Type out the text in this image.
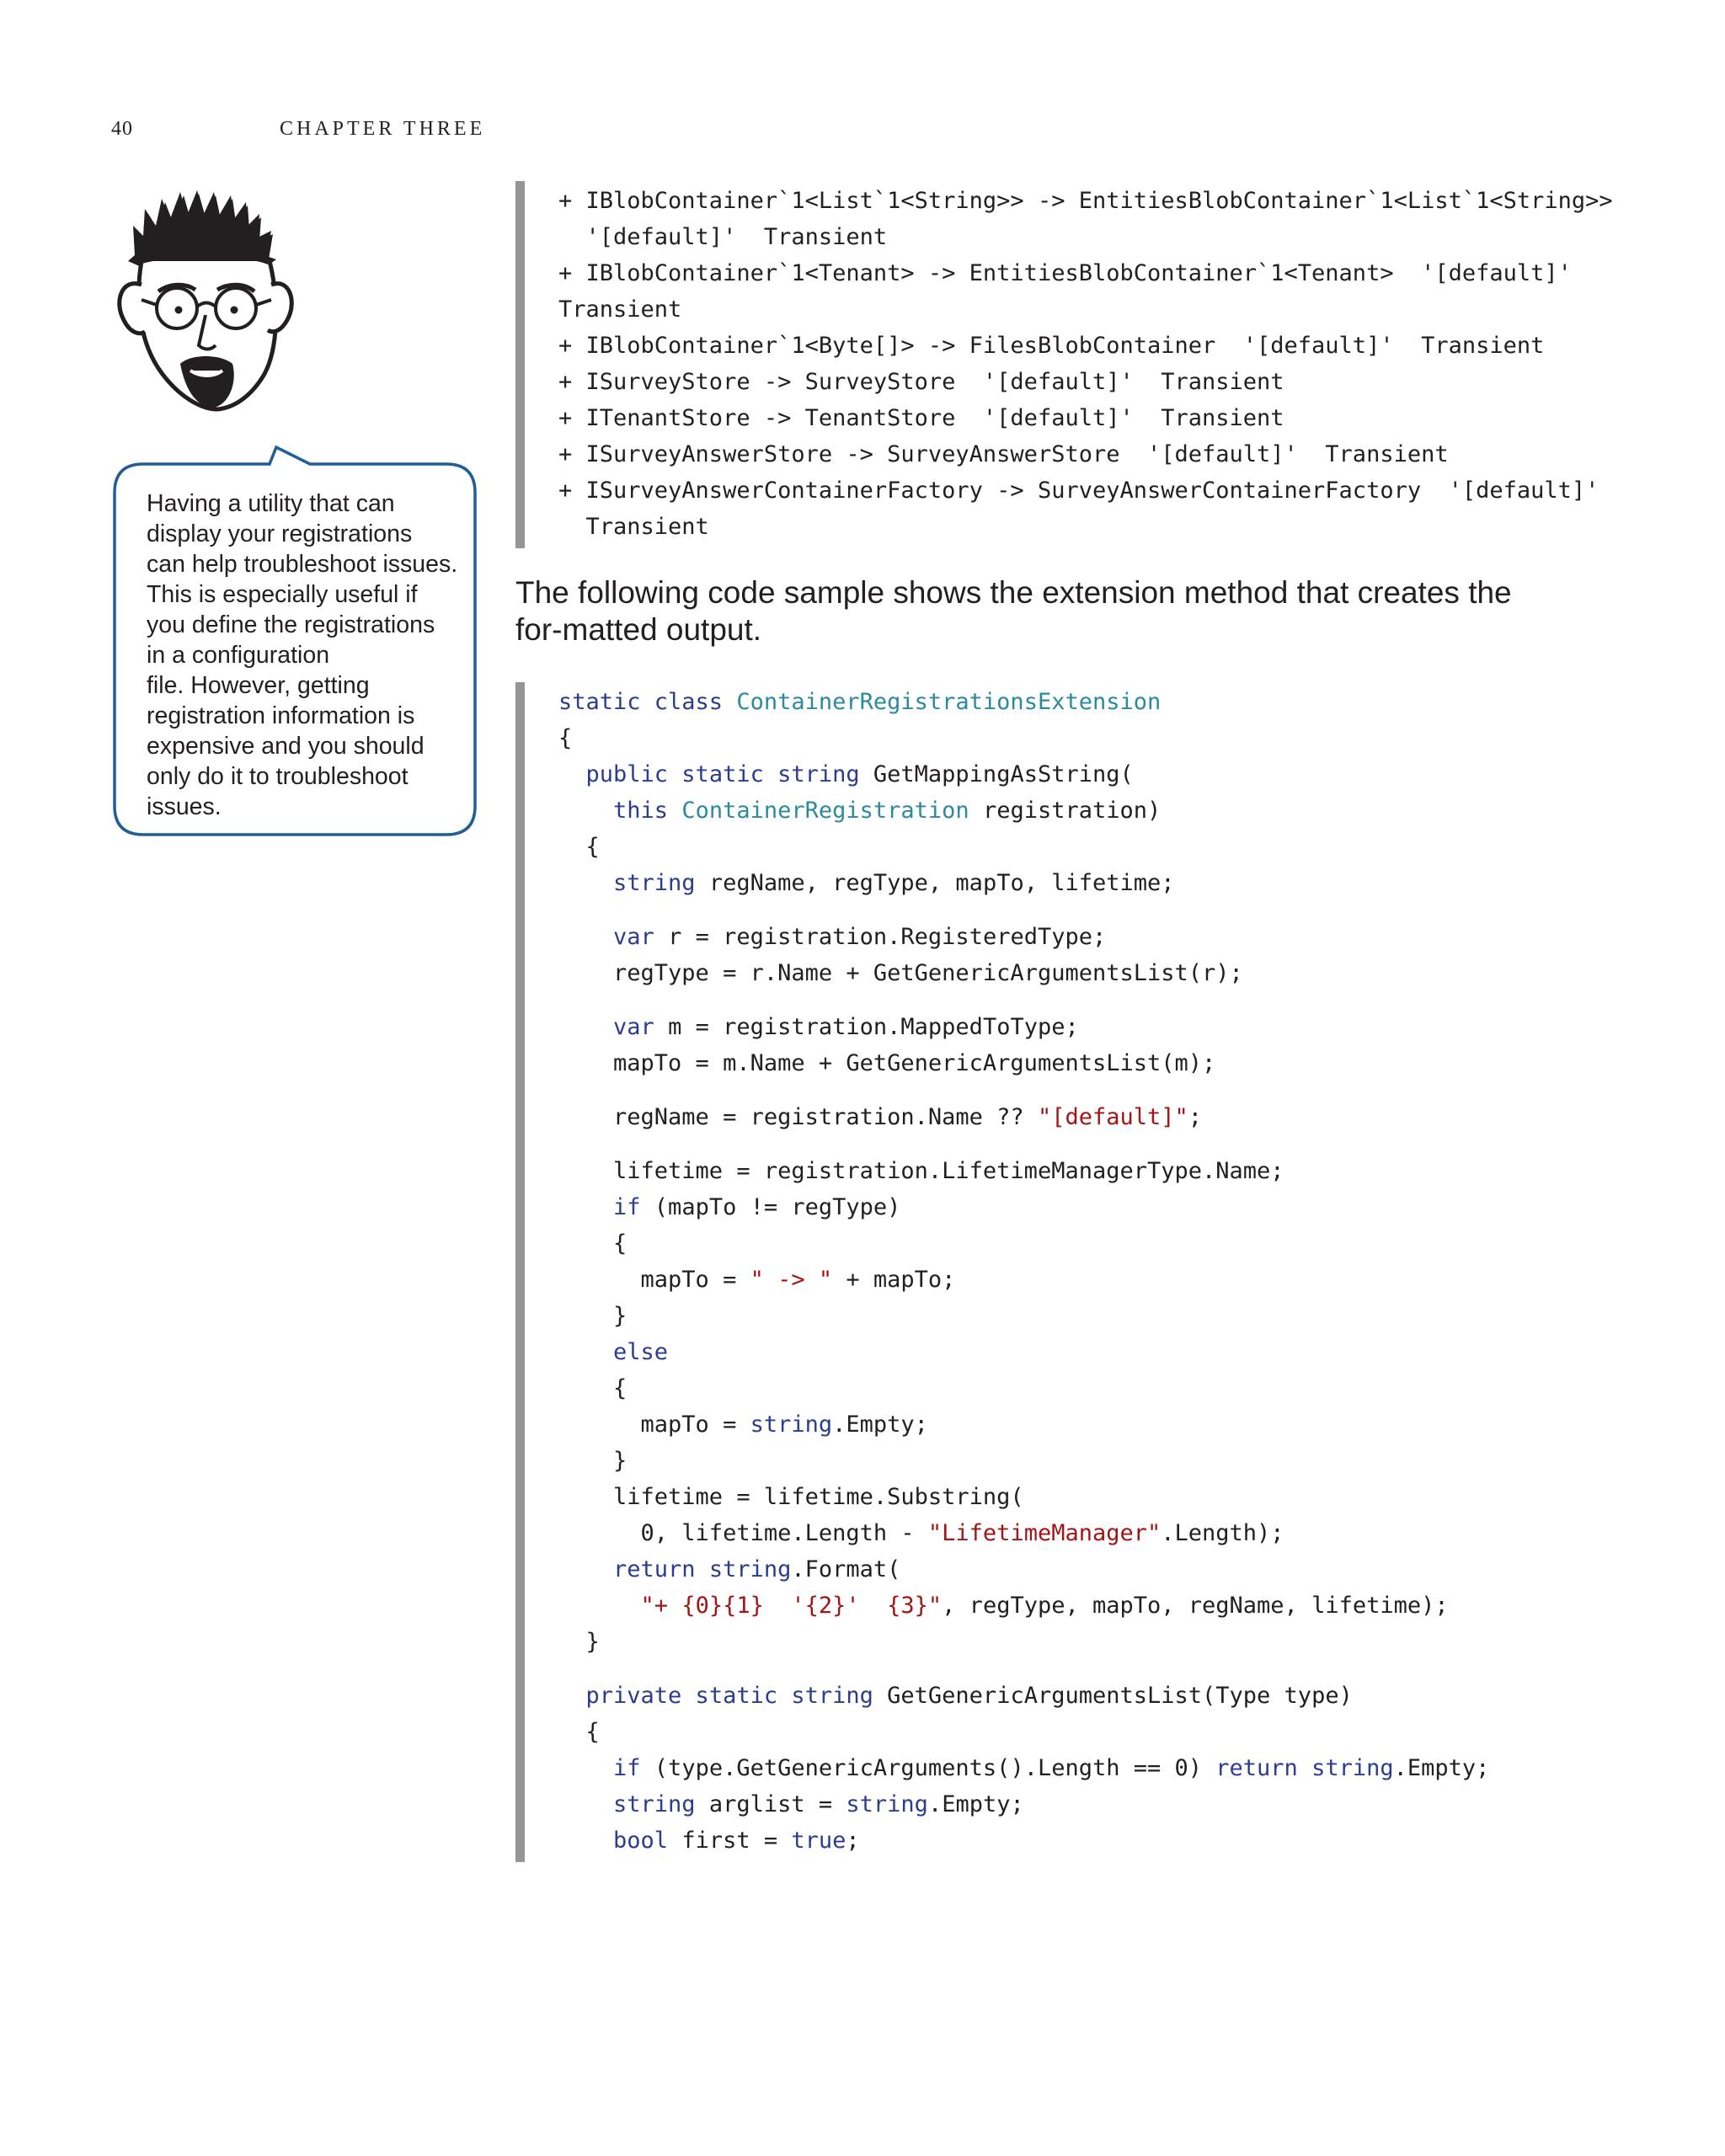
40	CHAPTER THREE

Having a utility that can
display your registrations
can help troubleshoot issues.
This is especially useful if
you define the registrations
in a configuration
file. However, getting
registration information is
expensive and you should
only do it to troubleshoot
issues.

+ IBlobContainer`1<List`1<String>> -> EntitiesBlobContainer`1<List`1<String>>
'[default]'  Transient
+ IBlobContainer`1<Tenant> -> EntitiesBlobContainer`1<Tenant>  '[default]'
Transient
+ IBlobContainer`1<Byte[]> -> FilesBlobContainer  '[default]'  Transient
+ ISurveyStore -> SurveyStore  '[default]'  Transient
+ ITenantStore -> TenantStore  '[default]'  Transient
+ ISurveyAnswerStore -> SurveyAnswerStore  '[default]'  Transient
+ ISurveyAnswerContainerFactory -> SurveyAnswerContainerFactory  '[default]'
Transient

The following code sample shows the extension method that creates the for-matted output.

static class ContainerRegistrationsExtension
{
public static string GetMappingAsString(
this ContainerRegistration registration)
{
string regName, regType, mapTo, lifetime;
var r = registration.RegisteredType;
regType = r.Name + GetGenericArgumentsList(r);
var m = registration.MappedToType;
mapTo = m.Name + GetGenericArgumentsList(m);
regName = registration.Name ?? "[default]";
lifetime = registration.LifetimeManagerType.Name;
if (mapTo != regType)
{
mapTo = " -> " + mapTo;
}
else
{
mapTo = string.Empty;
}
lifetime = lifetime.Substring(
0, lifetime.Length - "LifetimeManager".Length);
return string.Format(
"+ {0}{1}  '{2}'  {3}", regType, mapTo, regName, lifetime);
}
private static string GetGenericArgumentsList(Type type)
{
if (type.GetGenericArguments().Length == 0) return string.Empty;
string arglist = string.Empty;
bool first = true;
